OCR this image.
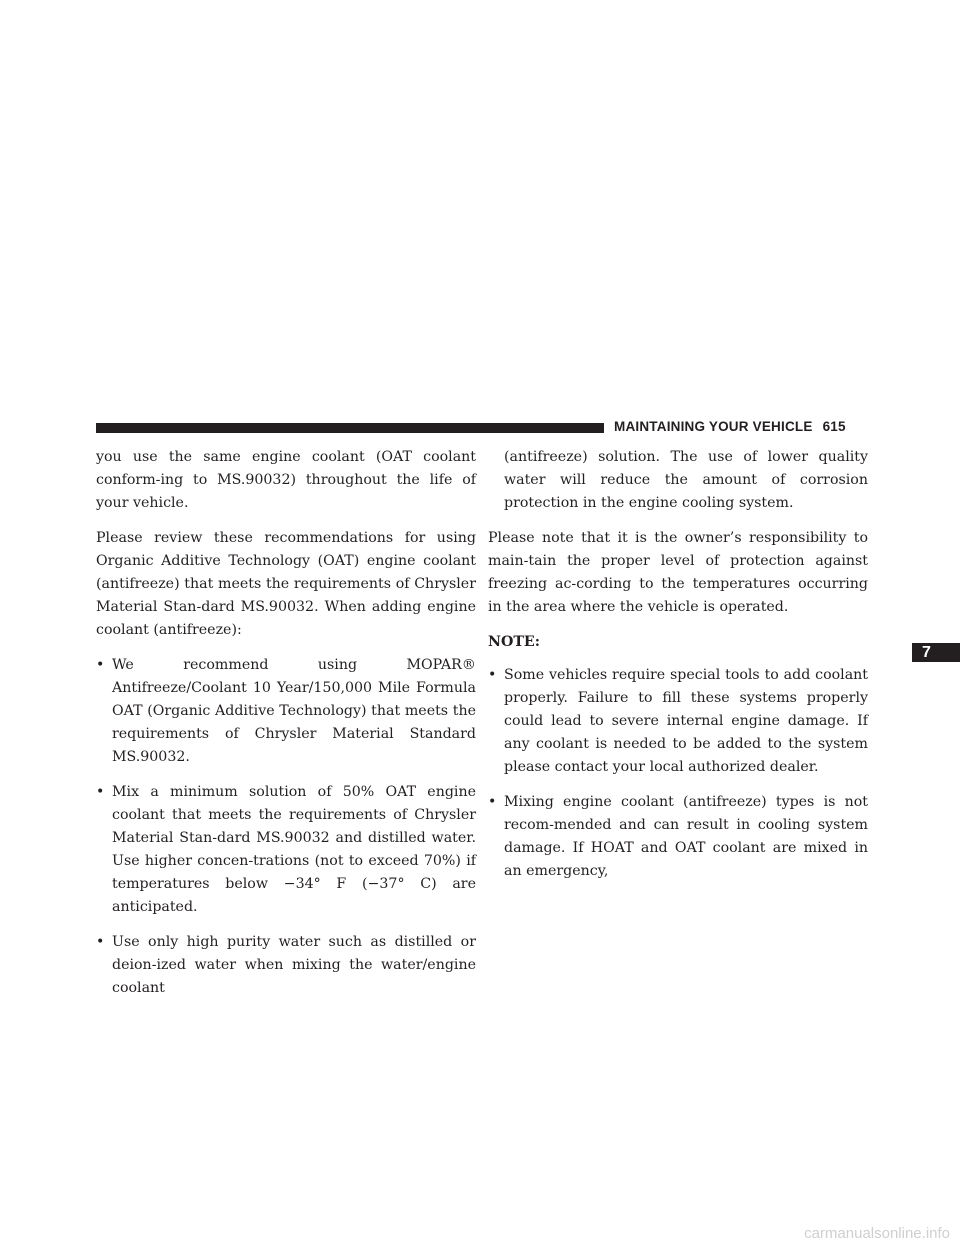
MAINTAINING YOUR VEHICLE 615

you use the same engine coolant (OAT coolant conform-ing to MS.90032) throughout the life of your vehicle.

Please review these recommendations for using Organic Additive Technology (OAT) engine coolant (antifreeze) that meets the requirements of Chrysler Material Stan-dard MS.90032. When adding engine coolant (antifreeze):

• We recommend using MOPAR® Antifreeze/Coolant 10 Year/150,000 Mile Formula OAT (Organic Additive Technology) that meets the requirements of Chrysler Material Standard MS.90032.
• Mix a minimum solution of 50% OAT engine coolant that meets the requirements of Chrysler Material Stan-dard MS.90032 and distilled water. Use higher concen-trations (not to exceed 70%) if temperatures below −34° F (−37° C) are anticipated.
• Use only high purity water such as distilled or deion-ized water when mixing the water/engine coolant

(antifreeze) solution. The use of lower quality water will reduce the amount of corrosion protection in the engine cooling system.

Please note that it is the owner’s responsibility to main-tain the proper level of protection against freezing ac-cording to the temperatures occurring in the area where the vehicle is operated.

NOTE:

• Some vehicles require special tools to add coolant properly. Failure to fill these systems properly could lead to severe internal engine damage. If any coolant is needed to be added to the system please contact your local authorized dealer.
• Mixing engine coolant (antifreeze) types is not recom-mended and can result in cooling system damage. If HOAT and OAT coolant are mixed in an emergency,
7
carmanualsonline.info
